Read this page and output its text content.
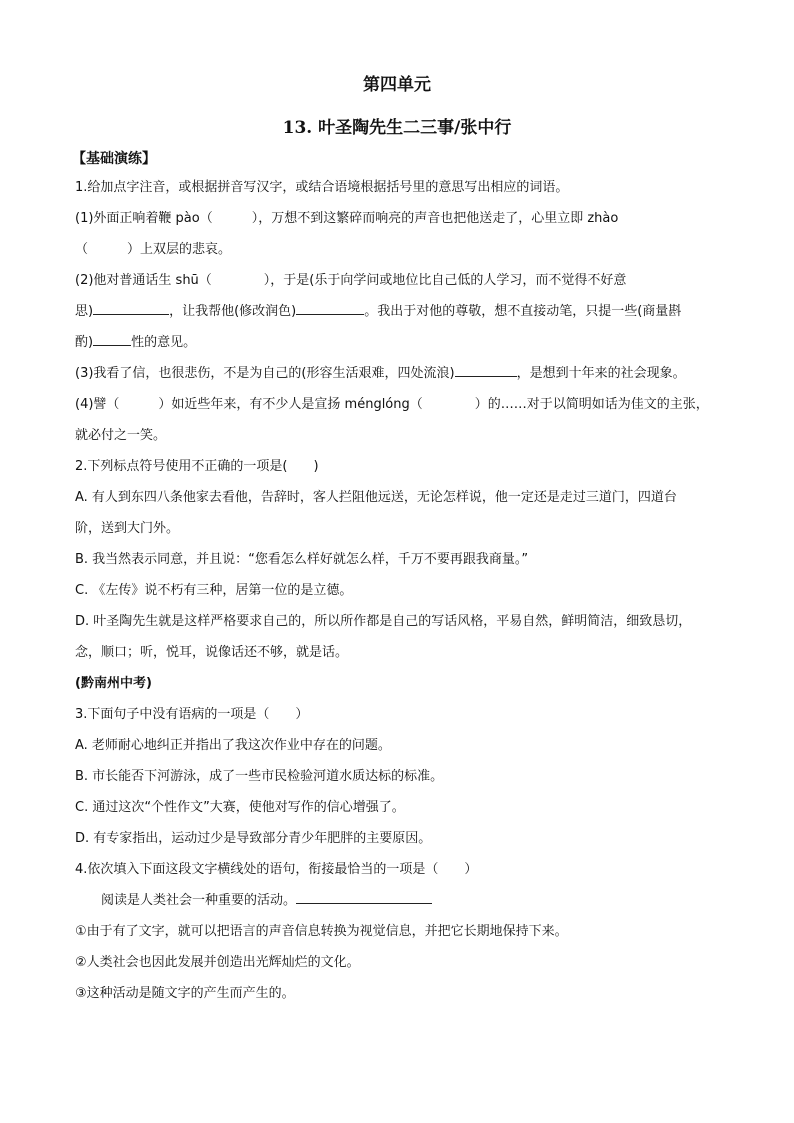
第四单元
13. 叶圣陶先生二三事/张中行
【基础演练】

1.给加点字注音，或根据拼音写汉字，或结合语境根据括号里的意思写出相应的词语。

(1)外面正响着鞭 pào（　　　），万想不到这繁碎而响亮的声音也把他送走了，心里立即 zhào

（　　　）上双层的悲哀。

(2)他对普通话生 shū（　　　　），于是(乐于向学问或地位比自己低的人学习，而不觉得不好意

思)	，让我帮他(修改润色)	。我出于对他的尊敬，想不直接动笔，只提一些(商量斟

酌)	性的意见。

(3)我看了信，也很悲伤，不是为自己的(形容生活艰难，四处流浪)	，是想到十年来的社会现象。

(4)譬（　　　）如近些年来，有不少人是宣扬 ménglóng（　　　　）的……对于以简明如话为佳文的主张，

就必付之一笑。

2.下列标点符号使用不正确的一项是(　　)

A. 有人到东四八条他家去看他，告辞时，客人拦阻他远送，无论怎样说，他一定还是走过三道门，四道台

阶，送到大门外。

B. 我当然表示同意，并且说：“您看怎么样好就怎么样，千万不要再跟我商量。”

C. 《左传》说不朽有三种，居第一位的是立德。

D. 叶圣陶先生就是这样严格要求自己的，所以所作都是自己的写话风格，平易自然，鲜明简洁，细致恳切，

念，顺口；听，悦耳，说像话还不够，就是话。

(黔南州中考)

3.下面句子中没有语病的一项是（　　）

A. 老师耐心地纠正并指出了我这次作业中存在的问题。

B. 市长能否下河游泳，成了一些市民检验河道水质达标的标准。

C. 通过这次“个性作文”大赛，使他对写作的信心增强了。

D. 有专家指出，运动过少是导致部分青少年肥胖的主要原因。

4.依次填入下面这段文字横线处的语句，衔接最恰当的一项是（　　）

阅读是人类社会一种重要的活动。

①由于有了文字，就可以把语言的声音信息转换为视觉信息，并把它长期地保持下来。

②人类社会也因此发展并创造出光辉灿烂的文化。

③这种活动是随文字的产生而产生的。
